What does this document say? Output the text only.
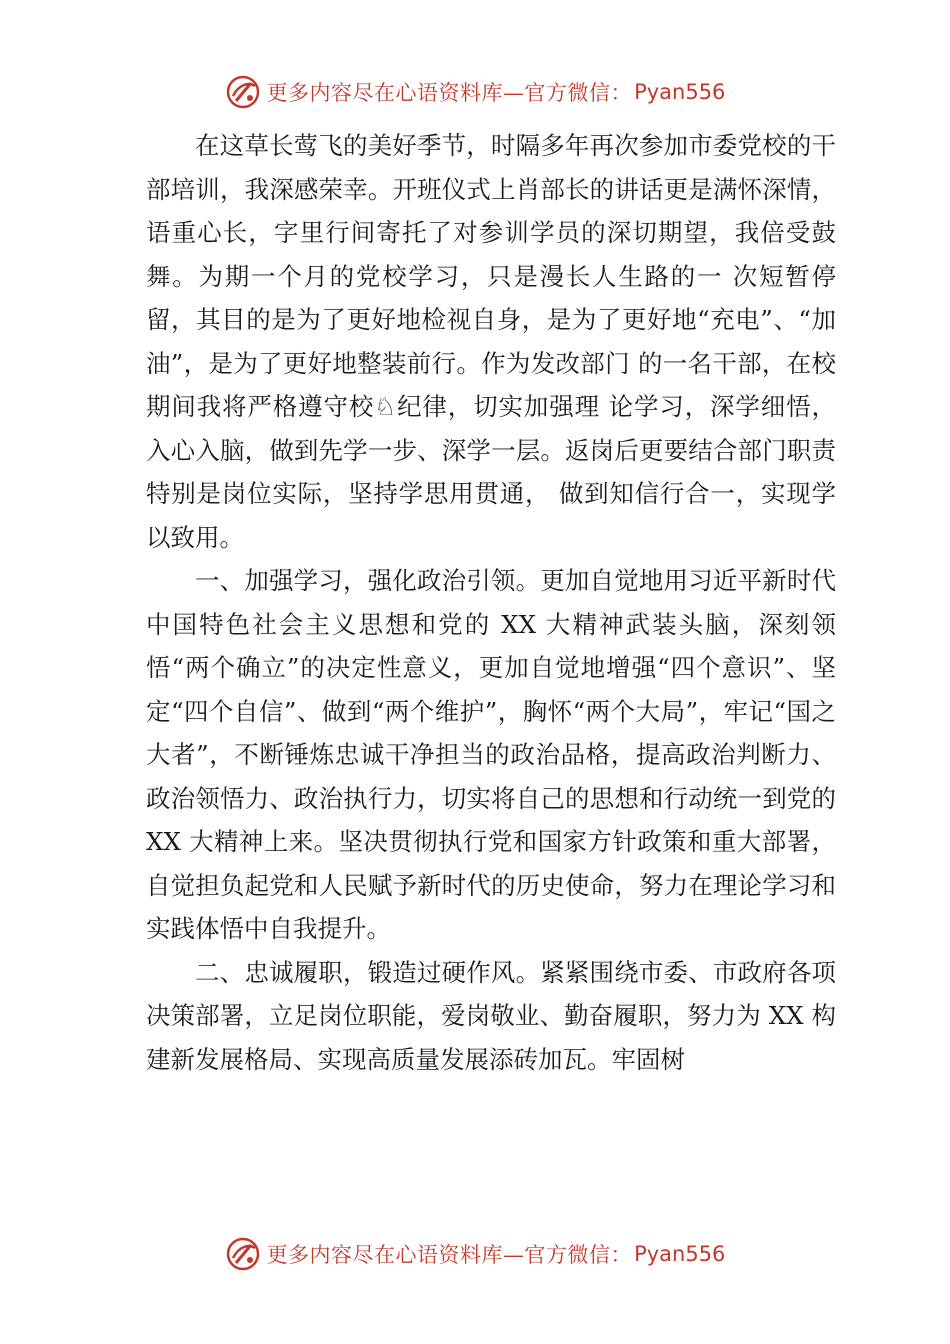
更多内容尽在心语资料库—官方微信： Pyan556

在这草长莺飞的美好季节，时隔多年再次参加市委党校的干部培训，我深感荣幸。开班仪式上肖部长的讲话更是满怀深情，语重心长，字里行间寄托了对参训学员的深切期望，我倍受鼓舞。为期一个月的党校学习，只是漫长人生路的一 次短暂停留，其目的是为了更好地检视自身，是为了更好地“充电”、“加油”，是为了更好地整装前行。作为发改部门 的一名干部，在校期间我将严格遵守校♘纪律，切实加强理 论学习，深学细悟，入心入脑，做到先学一步、深学一层。返岗后更要结合部门职责特别是岗位实际，坚持学思用贯通， 做到知信行合一，实现学以致用。

一、加强学习，强化政治引领。更加自觉地用习近平新时代中国特色社会主义思想和党的 XX 大精神武装头脑，深刻领悟“两个确立”的决定性意义，更加自觉地增强“四个意识”、坚定“四个自信”、做到“两个维护”，胸怀“两个大局”，牢记“国之大者”，不断锤炼忠诚干净担当的政治品格，提高政治判断力、政治领悟力、政治执行力，切实将自己的思想和行动统一到党的 XX 大精神上来。坚决贯彻执行党和国家方针政策和重大部署，自觉担负起党和人民赋予新时代的历史使命，努力在理论学习和实践体悟中自我提升。

二、忠诚履职，锻造过硬作风。紧紧围绕市委、市政府各项决策部署，立足岗位职能，爱岗敬业、勤奋履职，努力为 XX 构建新发展格局、实现高质量发展添砖加瓦。牢固树

更多内容尽在心语资料库—官方微信： Pyan556
